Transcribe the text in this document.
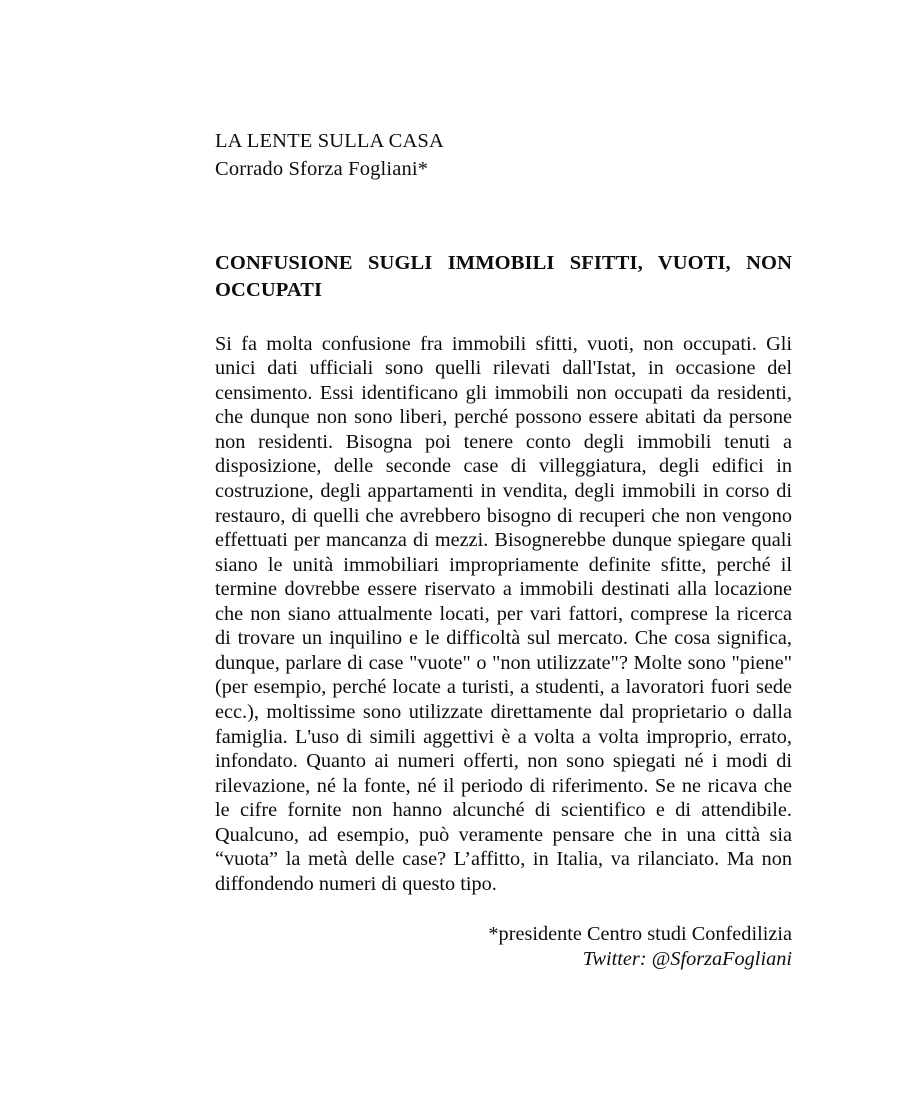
LA LENTE SULLA CASA
Corrado Sforza Fogliani*
CONFUSIONE SUGLI IMMOBILI SFITTI, VUOTI, NON OCCUPATI

Si fa molta confusione fra immobili sfitti, vuoti, non occupati. Gli unici dati ufficiali sono quelli rilevati dall'Istat, in occasione del censimento. Essi identificano gli immobili non occupati da residenti, che dunque non sono liberi, perché possono essere abitati da persone non residenti. Bisogna poi tenere conto degli immobili tenuti a disposizione, delle seconde case di villeggiatura, degli edifici in costruzione, degli appartamenti in vendita, degli immobili in corso di restauro, di quelli che avrebbero bisogno di recuperi che non vengono effettuati per mancanza di mezzi. Bisognerebbe dunque spiegare quali siano le unità immobiliari impropriamente definite sfitte, perché il termine dovrebbe essere riservato a immobili destinati alla locazione che non siano attualmente locati, per vari fattori, comprese la ricerca di trovare un inquilino e le difficoltà sul mercato. Che cosa significa, dunque, parlare di case "vuote" o "non utilizzate"? Molte sono "piene" (per esempio, perché locate a turisti, a studenti, a lavoratori fuori sede ecc.), moltissime sono utilizzate direttamente dal proprietario o dalla famiglia. L'uso di simili aggettivi è a volta a volta improprio, errato, infondato. Quanto ai numeri offerti, non sono spiegati né i modi di rilevazione, né la fonte, né il periodo di riferimento. Se ne ricava che le cifre fornite non hanno alcunché di scientifico e di attendibile. Qualcuno, ad esempio, può veramente pensare che in una città sia “vuota” la metà delle case? L’affitto, in Italia, va rilanciato. Ma non diffondendo numeri di questo tipo.

*presidente Centro studi Confedilizia
Twitter: @SforzaFogliani
